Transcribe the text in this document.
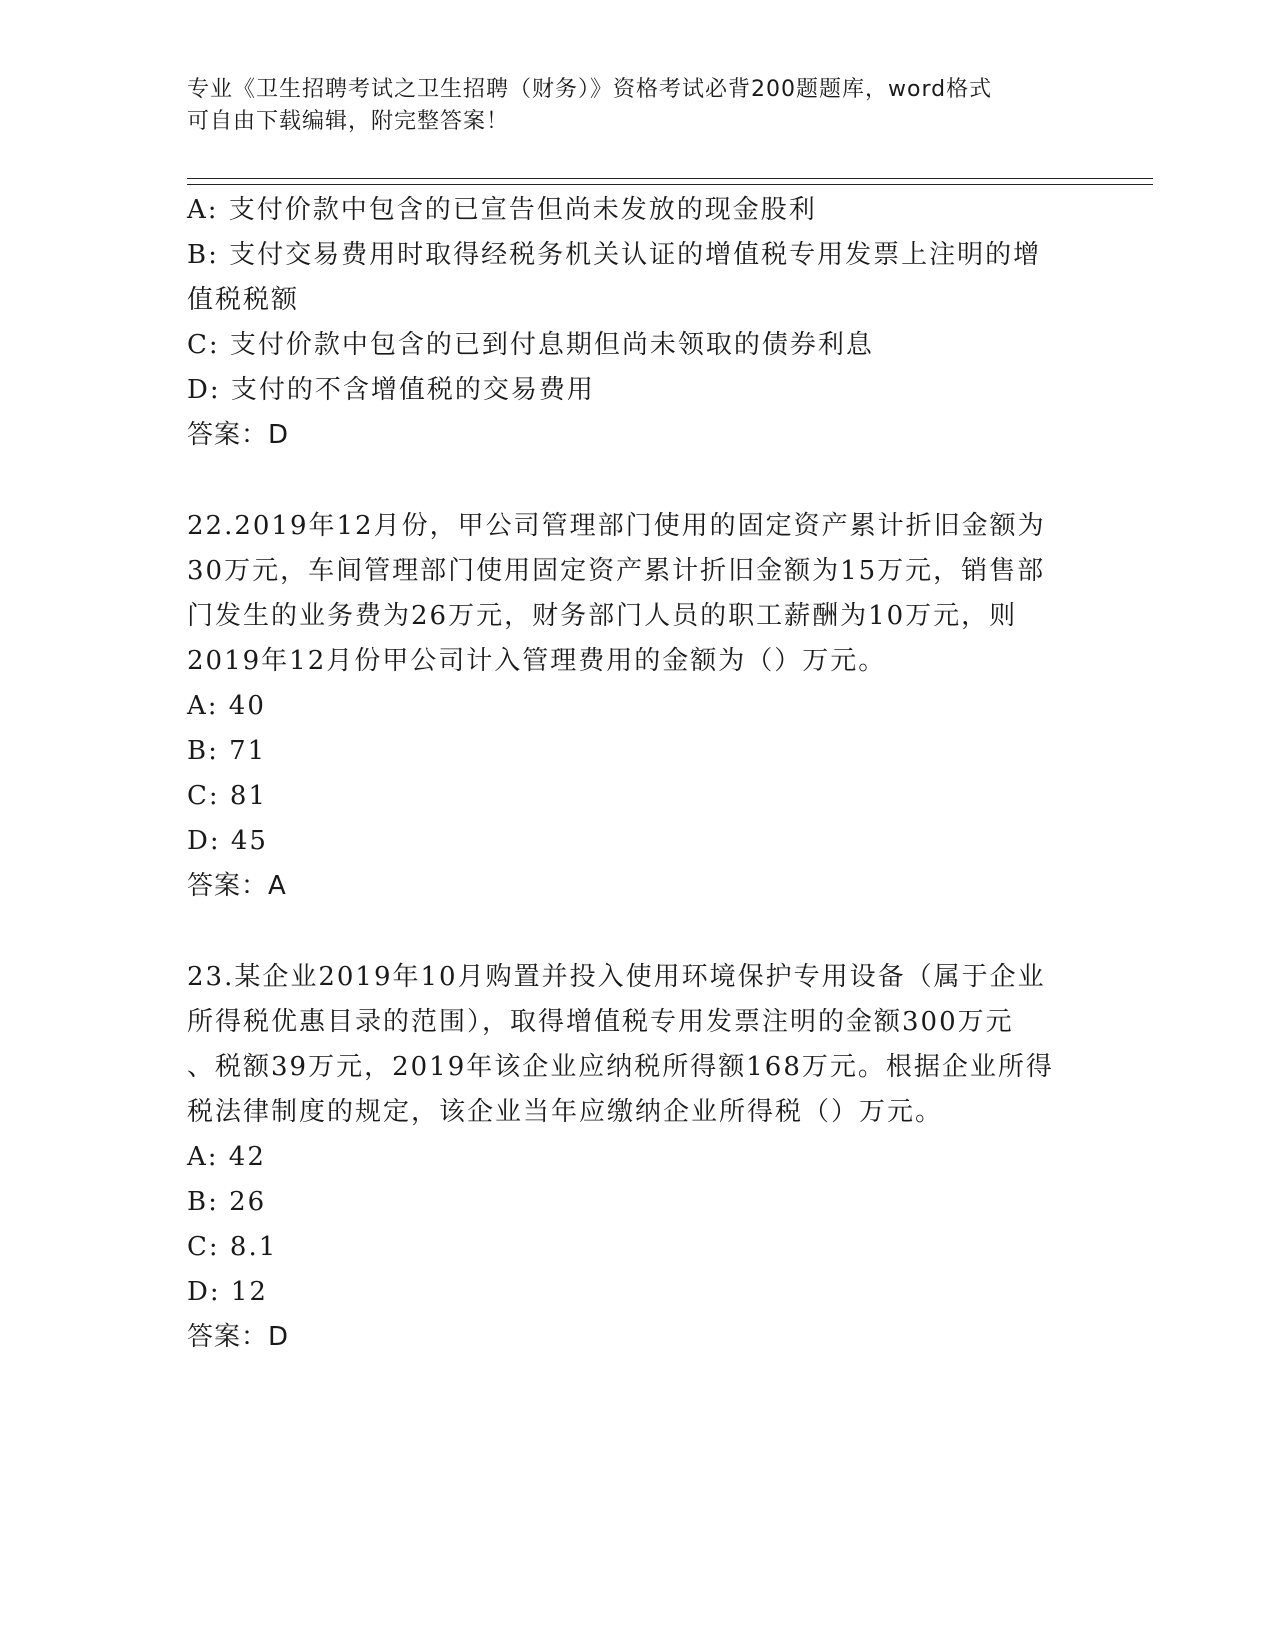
专业《卫生招聘考试之卫生招聘（财务）》资格考试必背200题题库，word格式
可自由下载编辑，附完整答案！
A: 支付价款中包含的已宣告但尚未发放的现金股利
B: 支付交易费用时取得经税务机关认证的增值税专用发票上注明的增
值税税额
C: 支付价款中包含的已到付息期但尚未领取的债券利息
D: 支付的不含增值税的交易费用
答案：D
22.2019年12月份，甲公司管理部门使用的固定资产累计折旧金额为
30万元，车间管理部门使用固定资产累计折旧金额为15万元，销售部
门发生的业务费为26万元，财务部门人员的职工薪酬为10万元，则
2019年12月份甲公司计入管理费用的金额为（）万元。
A: 40
B: 71
C: 81
D: 45
答案：A
23.某企业2019年10月购置并投入使用环境保护专用设备（属于企业
所得税优惠目录的范围），取得增值税专用发票注明的金额300万元
、税额39万元，2019年该企业应纳税所得额168万元。根据企业所得
税法律制度的规定，该企业当年应缴纳企业所得税（）万元。
A: 42
B: 26
C: 8.1
D: 12
答案：D
